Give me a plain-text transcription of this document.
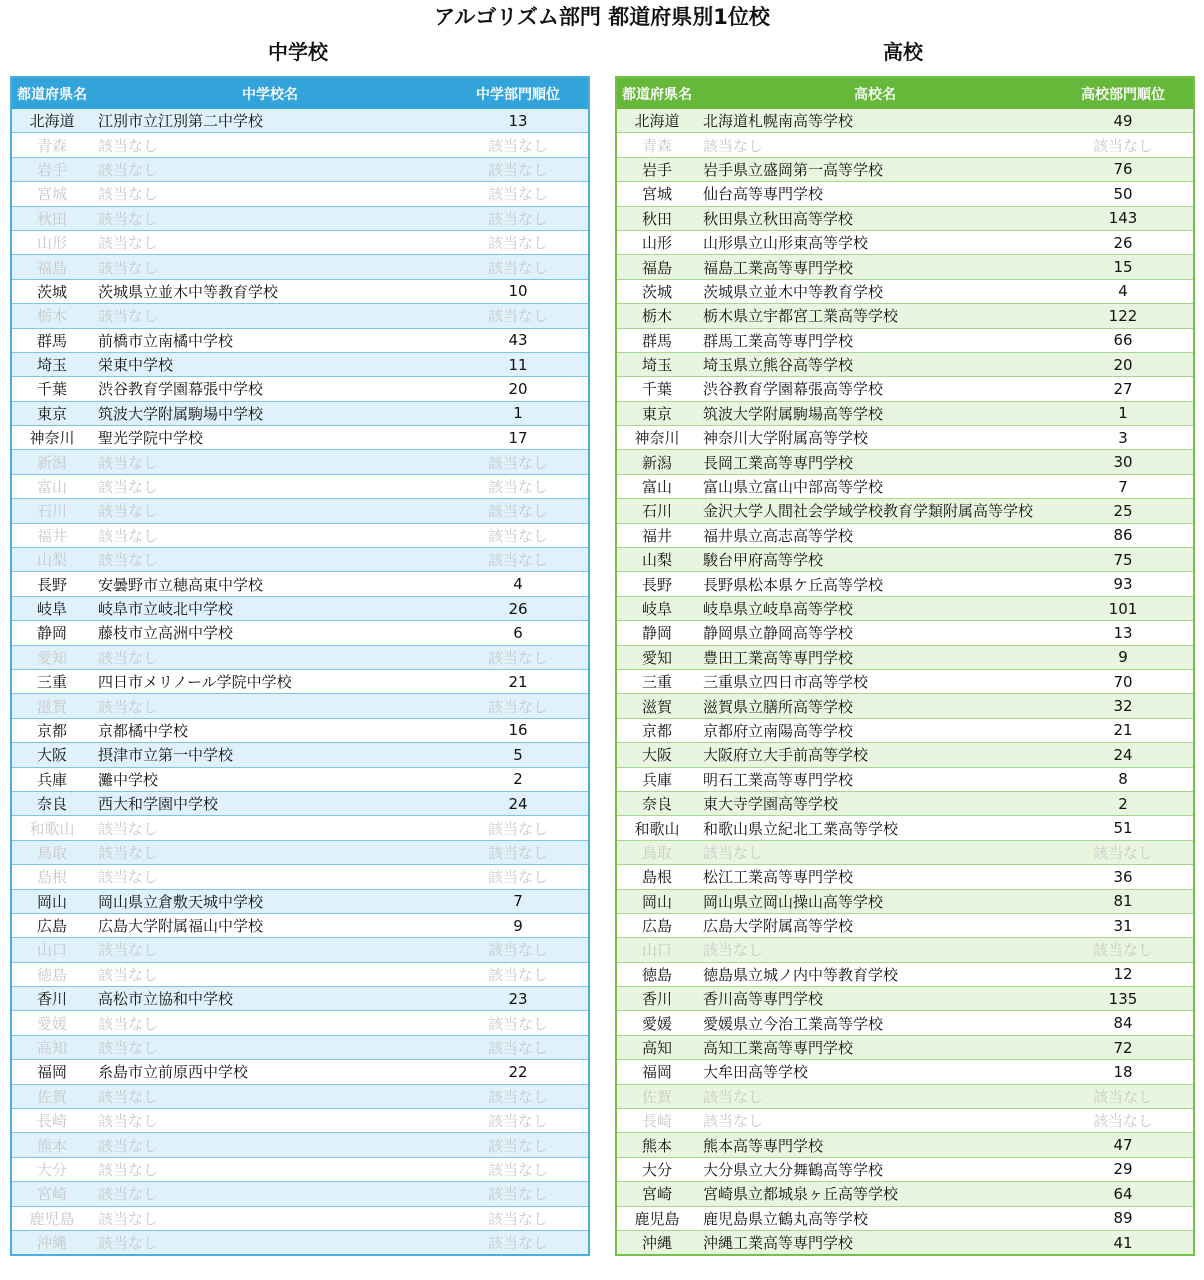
アルゴリズム部門 都道府県別1位校
中学校
都道府県名	中学校名	中学部門順位
北海道	江別市立江別第二中学校	13
青森	該当なし	該当なし
岩手	該当なし	該当なし
宮城	該当なし	該当なし
秋田	該当なし	該当なし
山形	該当なし	該当なし
福島	該当なし	該当なし
茨城	茨城県立並木中等教育学校	10
栃木	該当なし	該当なし
群馬	前橋市立南橘中学校	43
埼玉	栄東中学校	11
千葉	渋谷教育学園幕張中学校	20
東京	筑波大学附属駒場中学校	1
神奈川	聖光学院中学校	17
新潟	該当なし	該当なし
富山	該当なし	該当なし
石川	該当なし	該当なし
福井	該当なし	該当なし
山梨	該当なし	該当なし
長野	安曇野市立穂高東中学校	4
岐阜	岐阜市立岐北中学校	26
静岡	藤枝市立高洲中学校	6
愛知	該当なし	該当なし
三重	四日市メリノール学院中学校	21
滋賀	該当なし	該当なし
京都	京都橘中学校	16
大阪	摂津市立第一中学校	5
兵庫	灘中学校	2
奈良	西大和学園中学校	24
和歌山	該当なし	該当なし
鳥取	該当なし	該当なし
島根	該当なし	該当なし
岡山	岡山県立倉敷天城中学校	7
広島	広島大学附属福山中学校	9
山口	該当なし	該当なし
徳島	該当なし	該当なし
香川	高松市立協和中学校	23
愛媛	該当なし	該当なし
高知	該当なし	該当なし
福岡	糸島市立前原西中学校	22
佐賀	該当なし	該当なし
長崎	該当なし	該当なし
熊本	該当なし	該当なし
大分	該当なし	該当なし
宮崎	該当なし	該当なし
鹿児島	該当なし	該当なし
沖縄	該当なし	該当なし
高校
都道府県名	高校名	高校部門順位
北海道	北海道札幌南高等学校	49
青森	該当なし	該当なし
岩手	岩手県立盛岡第一高等学校	76
宮城	仙台高等専門学校	50
秋田	秋田県立秋田高等学校	143
山形	山形県立山形東高等学校	26
福島	福島工業高等専門学校	15
茨城	茨城県立並木中等教育学校	4
栃木	栃木県立宇都宮工業高等学校	122
群馬	群馬工業高等専門学校	66
埼玉	埼玉県立熊谷高等学校	20
千葉	渋谷教育学園幕張高等学校	27
東京	筑波大学附属駒場高等学校	1
神奈川	神奈川大学附属高等学校	3
新潟	長岡工業高等専門学校	30
富山	富山県立富山中部高等学校	7
石川	金沢大学人間社会学域学校教育学類附属高等学校	25
福井	福井県立高志高等学校	86
山梨	駿台甲府高等学校	75
長野	長野県松本県ケ丘高等学校	93
岐阜	岐阜県立岐阜高等学校	101
静岡	静岡県立静岡高等学校	13
愛知	豊田工業高等専門学校	9
三重	三重県立四日市高等学校	70
滋賀	滋賀県立膳所高等学校	32
京都	京都府立南陽高等学校	21
大阪	大阪府立大手前高等学校	24
兵庫	明石工業高等専門学校	8
奈良	東大寺学園高等学校	2
和歌山	和歌山県立紀北工業高等学校	51
鳥取	該当なし	該当なし
島根	松江工業高等専門学校	36
岡山	岡山県立岡山操山高等学校	81
広島	広島大学附属高等学校	31
山口	該当なし	該当なし
徳島	徳島県立城ノ内中等教育学校	12
香川	香川高等専門学校	135
愛媛	愛媛県立今治工業高等学校	84
高知	高知工業高等専門学校	72
福岡	大牟田高等学校	18
佐賀	該当なし	該当なし
長崎	該当なし	該当なし
熊本	熊本高等専門学校	47
大分	大分県立大分舞鶴高等学校	29
宮崎	宮崎県立都城泉ヶ丘高等学校	64
鹿児島	鹿児島県立鶴丸高等学校	89
沖縄	沖縄工業高等専門学校	41
